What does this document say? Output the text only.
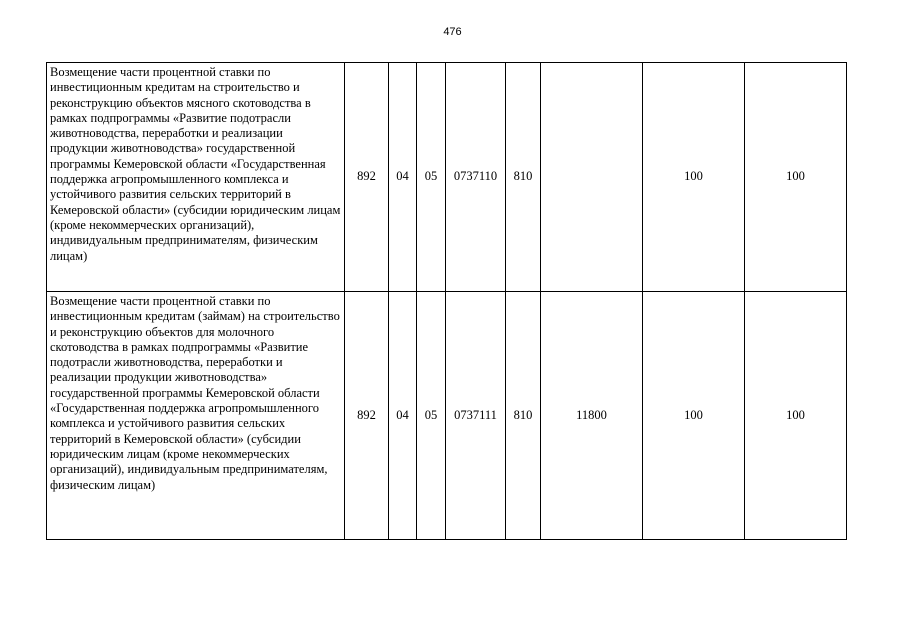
476
Возмещение части процентной ставки по инвестиционным кредитам на строительство и реконструкцию объектов мясного скотоводства в рамках подпрограммы «Развитие подотрасли животноводства, переработки и реализации продукции животноводства» государственной программы Кемеровской области «Государственная поддержка агропромышленного комплекса и устойчивого развития сельских территорий в Кемеровской области» (субсидии юридическим лицам (кроме некоммерческих организаций), индивидуальным предпринимателям, физическим лицам)	892	04	05	0737110	810		100	100
Возмещение части процентной ставки по инвестиционным кредитам (займам) на строительство и реконструкцию объектов для молочного скотоводства в рамках подпрограммы «Развитие подотрасли животноводства, переработки и реализации продукции животноводства» государственной программы Кемеровской области «Государственная поддержка агропромышленного комплекса и устойчивого развития сельских территорий в Кемеровской области» (субсидии юридическим лицам (кроме некоммерческих организаций), индивидуальным предпринимателям, физическим лицам)	892	04	05	0737111	810	11800	100	100
